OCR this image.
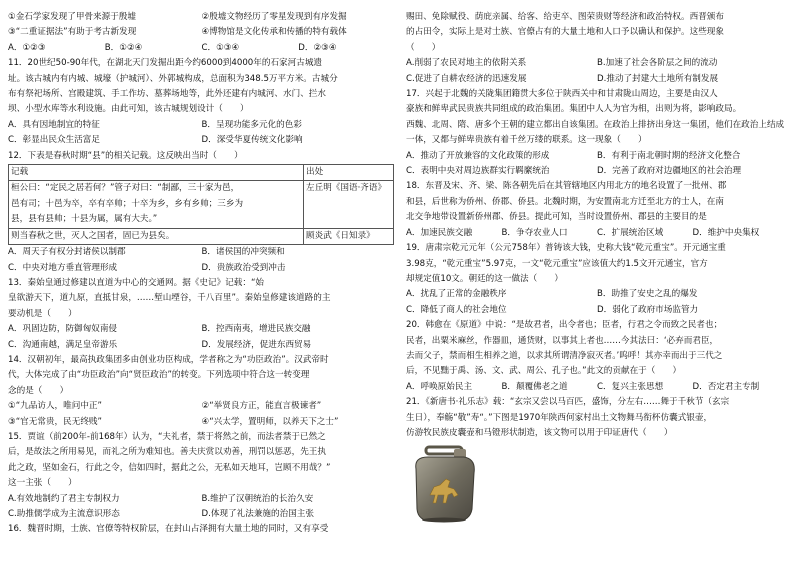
①金石学家发现了甲骨来源于殷墟	②殷墟文物经历了零星发现到有序发掘
③“二重证据法”有助于考古新发现	④博物馆是文化传承和传播的特有载体
A．①②③	B．①②④	C．①③④	D．②③④
11．20世纪50-90年代，在湖北天门发掘出距今约6000到4000年的石家河古城遗
址。该古城内有内城、城壕（护城河）、外郭城构成，总面积为348.5万平方米。古城分
布有祭祀场所、宫殿建筑、手工作坊、墓葬场地等，此外还建有内城河、水门、拦水
坝、小型水库等水利设施。由此可知，该古城规划设计（　　）
A．具有因地制宜的特征	B．呈现功能多元化的色彩
C．彰显出民众生活富足	D．深受华夏传统文化影响
12．下表是春秋时期“县”的相关记载。这反映出当时（　　）
记载	出处

桓公曰：“定民之居若何？”管子对曰：“制鄙，三十家为邑，
邑有司；十邑为卒，卒有卒帅；十卒为乡，乡有乡帅；三乡为
县，县有县帅；十县为属，属有大夫。”	左丘明《国语·齐语》

则当春秋之世，灭人之国者，固已为县矣。	顾炎武《日知录》
A．周天子有权分封诸侯以制郡	B．诸侯国的冲突频和
C．中央对地方垂直管理形成	D．贵族政治受到冲击
13．秦始皇通过修建以直道为中心的交通网。据《史记》记载：“始
皇欲游天下，道九原，直抵甘泉，……堑山堙谷，千八百里”。秦始皇修建该道路的主
要动机是（　　）
A．巩固边防，防御匈奴南侵	B．控西南夷，增进民族交融
C．沟通南越，满足皇帝游乐	D．发展经济，促进东西贸易
14．汉朝初年，最高执政集团多由创业功臣构成，学者称之为“功臣政治”。汉武帝时
代，大体完成了由“功臣政治”向“贤臣政治”的转变。下列选项中符合这一转变理
念的是（　　）
①“九品访人，唯问中正”	②“举贤良方正，能直言极谏者”
③“官无常贵，民无终贱”	④“兴太学，置明师，以养天下之士”
15．贾谊（前200年-前168年）认为，“夫礼者，禁于将然之前，而法者禁于已然之
后，是故法之所用易见，而礼之所为难知也。善夫庆赏以劝善，刑罚以惩恶，先王执
此之政，坚如金石，行此之令，信如四时，据此之公，无私如天地耳，岂顾不用哉？”
这一主张（　　）
A.有效地制约了君主专制权力	B.维护了汉朝统治的长治久安
C.助推儒学成为主流意识形态	D.体现了礼法兼施的治国主张
16．魏晋时期，士族、官僚等特权阶层，在封山占泽拥有大量土地的同时，又有享受
赐田、免除赋役、荫庇亲属、给客、给吏卒、图荣贵财等经济和政治特权。西晋颁布
的占田令，实际上是对士族、官僚占有的大量土地和人口予以确认和保护。这些现象
（　　）
A.削弱了农民对地主的依附关系	B.加速了社会各阶层之间的流动
C.促进了自耕农经济的迅速发展	D.推动了封建大土地所有制发展
17．兴起于北魏的关陇集团籍贯大多位于陕西关中和甘肃陇山周边，主要是由汉人
豪族和鲜卑武民贵族共同组成的政治集团。集团中人人为官为相，出则为将，影响政局。
西魏、北周、隋、唐多个王朝的建立都出自该集团。在政治上排挤出身这一集团，他们在政治上结成
一体，又都与鲜卑贵族有着千丝万缕的联系。这一现象（　　）
A．推动了开放兼容的文化政策的形成	B．有利于南北朝时期的经济文化整合
C．表明中央对周边族群实行羁縻统治	D．完善了政府对边疆地区的社会治理
18．东晋及宋、齐、梁、陈各朝先后在其管辖地区内用北方的地名设置了一批州、郡
和县，后世称为侨州、侨郡、侨县。北魏时期，为安置南北方迁至北方的士人，在南
北交争地带设置新侨州郡、侨县。提此可知，当时设置侨州、郡县的主要目的是
A．加速民族交融	B．争夺农业人口	C．扩展统治区域	D．维护中央集权
19．唐肃宗乾元元年（公元758年）普铸该大钱，史称大钱“乾元重宝”。开元通宝重
3.98克，“乾元重宝”5.97克，一文“乾元重宝”应该值大约1.5文开元通宝，官方
却规定值10文。朝廷的这一做法（　　）
A．扰乱了正常的金融秩序	B．助推了安史之乱的爆发
C．降低了商人的社会地位	D．弱化了政府市场监管力
20．韩愈在《原道》中说：“是故君者，出令者也；臣者，行君之令而致之民者也；
民者，出粟米麻丝，作器皿，通货财，以事其上者也……今其法曰：‘必弃而君臣，
去而父子，禁而相生相养之道，以求其所谓清净寂灭者。’呜呼！其亦幸而出于三代之
后，不见黜于禹、汤、文、武、周公、孔子也。”此文的贡献在于（　　）
A．呼唤原始民主	B．颠覆佛老之道	C．复兴主张思想	D．否定君主专制
21．《新唐书·礼乐志》载：“玄宗又尝以马百匹，盛饰，分左右……舞于千秋节（玄宗
生日），奉觞“敬”寿“。”下图是1970年陕西何家村出土文物舞马衔杯仿囊式银壶，
仿游牧民族皮囊壶和马镫形状制造，该文物可以用于印证唐代（　　）
